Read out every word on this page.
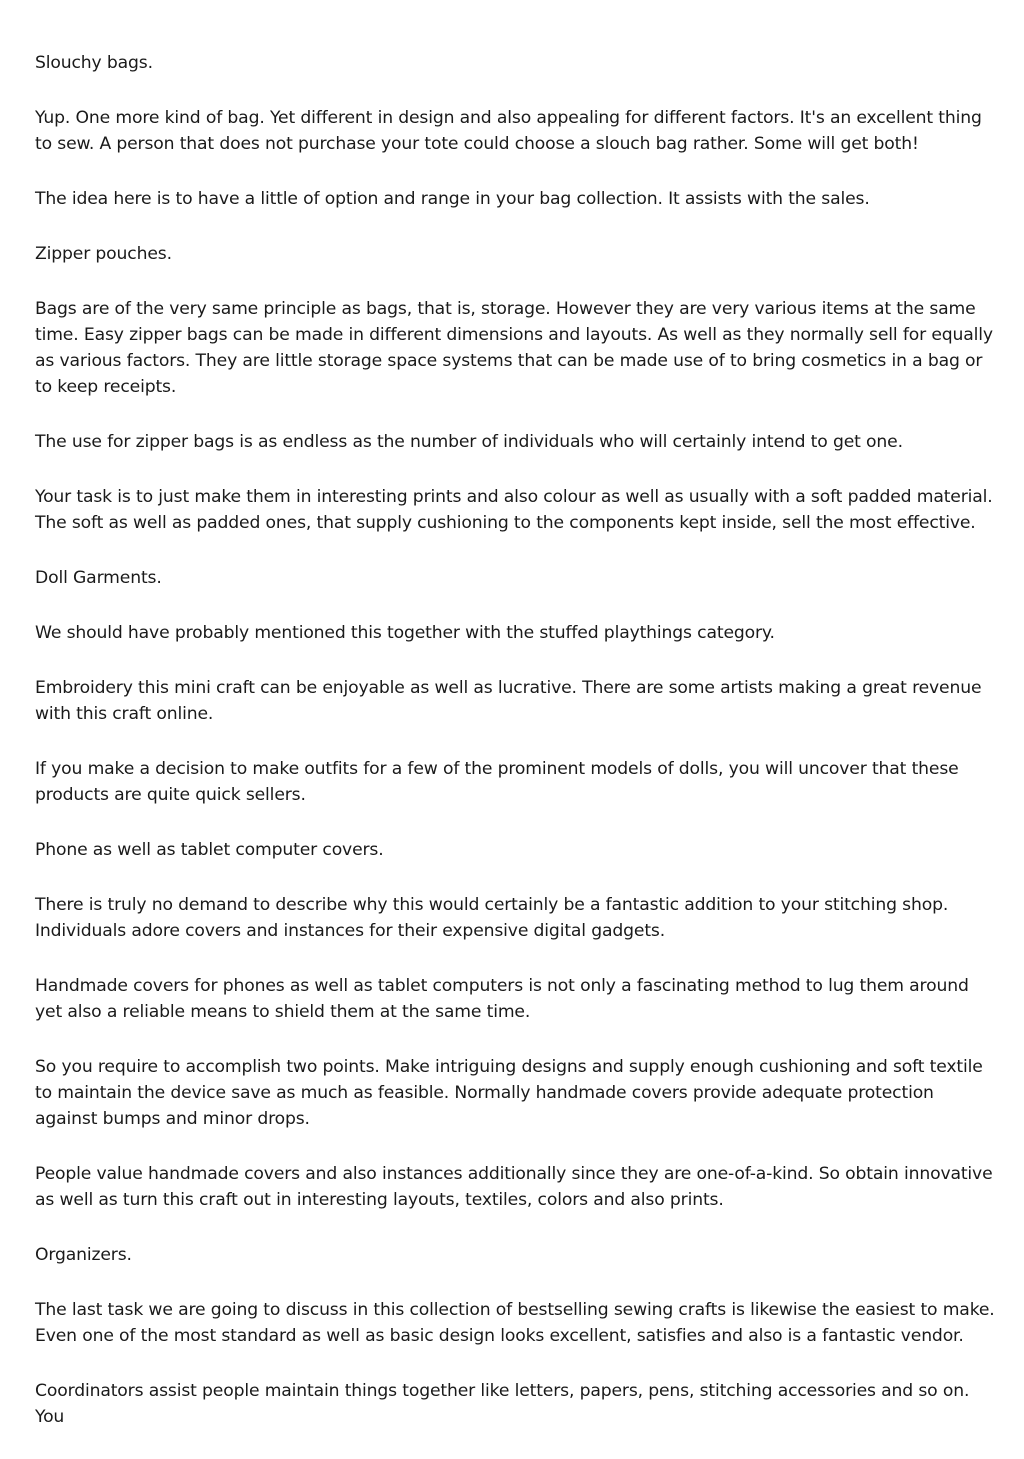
Slouchy bags.

Yup. One more kind of bag. Yet different in design and also appealing for different factors. It's an excellent thing to sew. A person that does not purchase your tote could choose a slouch bag rather. Some will get both!

The idea here is to have a little of option and range in your bag collection. It assists with the sales.

Zipper pouches.

Bags are of the very same principle as bags, that is, storage. However they are very various items at the same time. Easy zipper bags can be made in different dimensions and layouts. As well as they normally sell for equally as various factors. They are little storage space systems that can be made use of to bring cosmetics in a bag or to keep receipts.

The use for zipper bags is as endless as the number of individuals who will certainly intend to get one.

Your task is to just make them in interesting prints and also colour as well as usually with a soft padded material. The soft as well as padded ones, that supply cushioning to the components kept inside, sell the most effective.

Doll Garments.

We should have probably mentioned this together with the stuffed playthings category.

Embroidery this mini craft can be enjoyable as well as lucrative. There are some artists making a great revenue with this craft online.

If you make a decision to make outfits for a few of the prominent models of dolls, you will uncover that these products are quite quick sellers.

Phone as well as tablet computer covers.

There is truly no demand to describe why this would certainly be a fantastic addition to your stitching shop. Individuals adore covers and instances for their expensive digital gadgets.

Handmade covers for phones as well as tablet computers is not only a fascinating method to lug them around yet also a reliable means to shield them at the same time.

So you require to accomplish two points. Make intriguing designs and supply enough cushioning and soft textile to maintain the device save as much as feasible. Normally handmade covers provide adequate protection against bumps and minor drops.

People value handmade covers and also instances additionally since they are one-of-a-kind. So obtain innovative as well as turn this craft out in interesting layouts, textiles, colors and also prints.

Organizers.

The last task we are going to discuss in this collection of bestselling sewing crafts is likewise the easiest to make. Even one of the most standard as well as basic design looks excellent, satisfies and also is a fantastic vendor.

Coordinators assist people maintain things together like letters, papers, pens, stitching accessories and so on. You
